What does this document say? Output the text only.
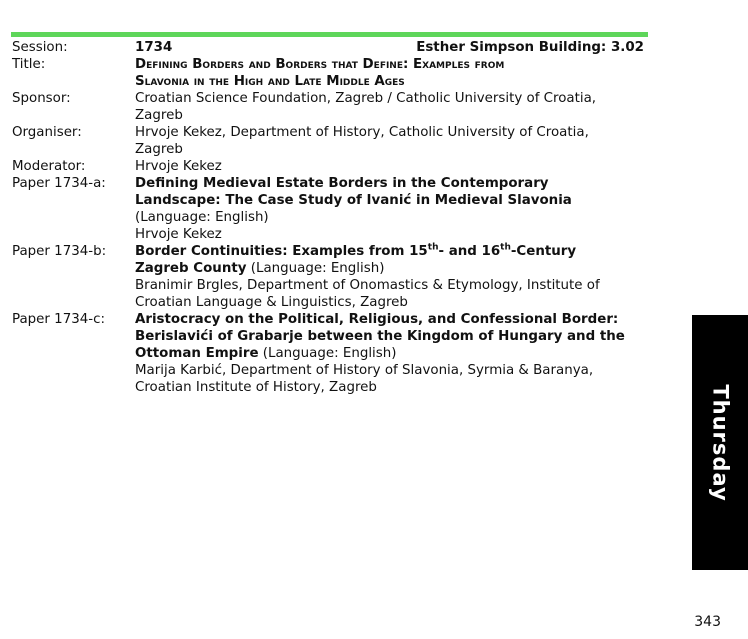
Session:	1734	Esther Simpson Building: 3.02
Title:	Defining Borders and Borders that Define: Examples from
Slavonia in the High and Late Middle Ages
Sponsor:	Croatian Science Foundation, Zagreb / Catholic University of Croatia,
Zagreb
Organiser:	Hrvoje Kekez, Department of History, Catholic University of Croatia,
Zagreb
Moderator:	Hrvoje Kekez
Paper 1734-a:	Defining Medieval Estate Borders in the Contemporary
Landscape: The Case Study of Ivanić in Medieval Slavonia
(Language: English)
Hrvoje Kekez
Paper 1734-b:	Border Continuities: Examples from 15th- and 16th-Century
Zagreb County (Language: English)
Branimir Brgles, Department of Onomastics & Etymology, Institute of
Croatian Language & Linguistics, Zagreb
Paper 1734-c:	Aristocracy on the Political, Religious, and Confessional Border:
Berislavići of Grabarje between the Kingdom of Hungary and the
Ottoman Empire (Language: English)
Marija Karbić, Department of History of Slavonia, Syrmia & Baranya,
Croatian Institute of History, Zagreb	Thursday
343
